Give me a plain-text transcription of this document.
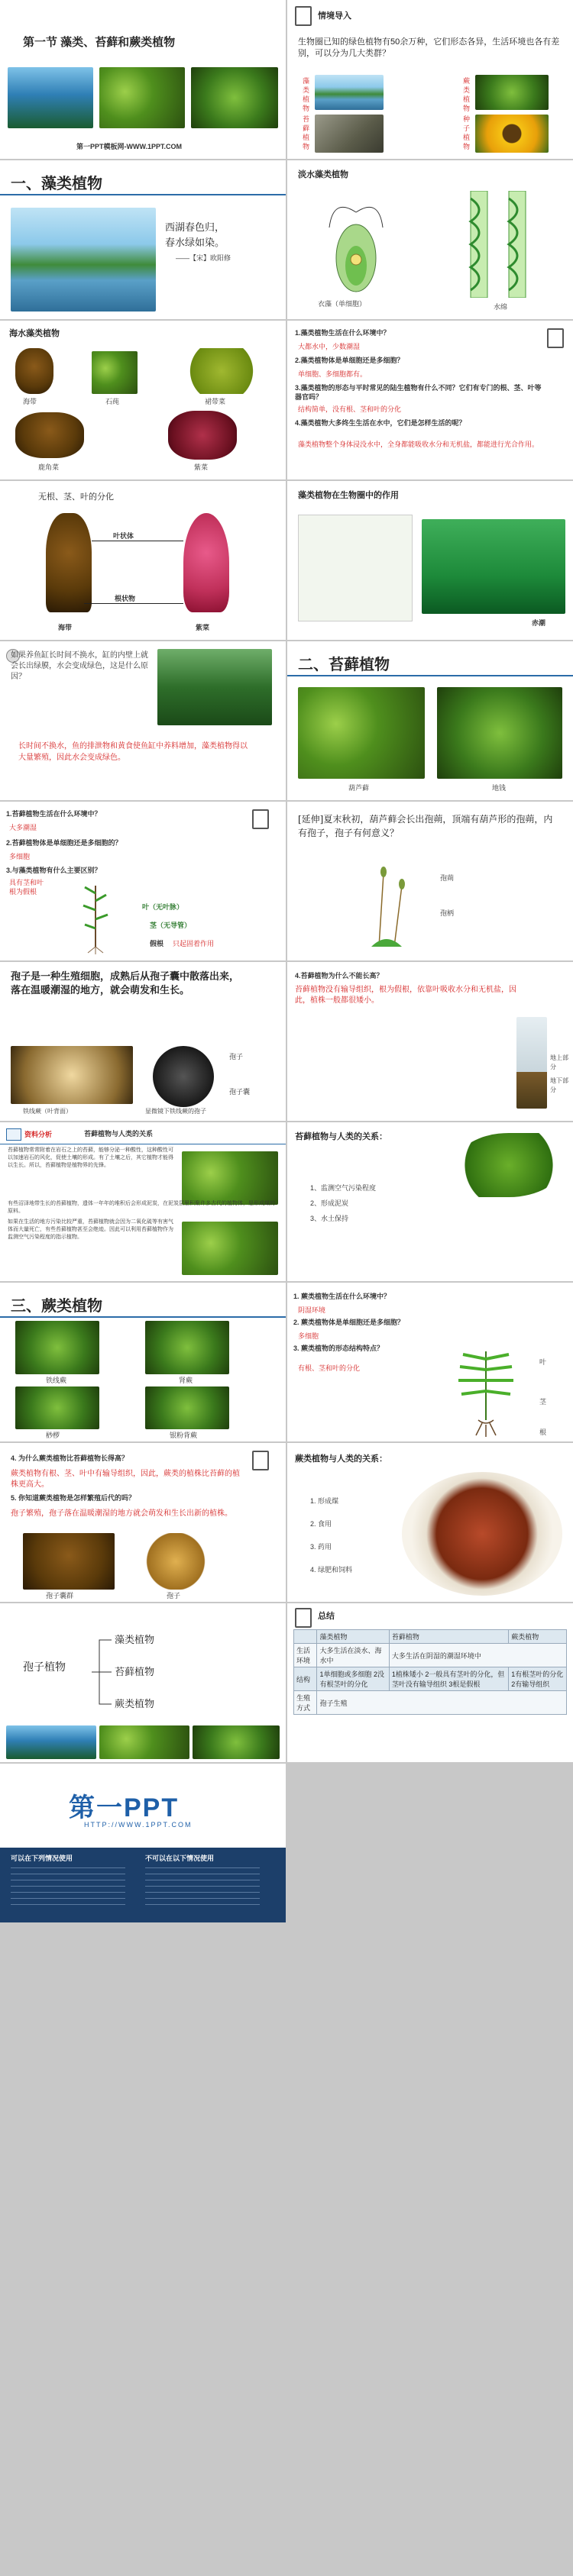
第一节 藻类、苔藓和蕨类植物
第一PPT模板网-WWW.1PPT.COM
情境导入
生物圈已知的绿色植物有50余万种，它们形态各异，生活环境也各有差别，可以分为几大类群？
藻类植物
苔藓植物
蕨类植物
种子植物
一、藻类植物
西湖春色归，
春水绿如染。
——【宋】欧阳修
淡水藻类植物
衣藻（单细胞）	水绵
海水藻类植物
海带	石莼	裙带菜
鹿角菜	紫菜
1.藻类植物生活在什么环境中？
大都水中，少数潮湿
2.藻类植物体是单细胞还是多细胞？
单细胞、多细胞都有。
3.藻类植物的形态与平时常见的陆生植物有什么不同？它们有专门的根、茎、叶等器官吗？
结构简单，没有根、茎和叶的分化
4.藻类植物大多终生生活在水中，它们是怎样生活的呢？
藻类植物整个身体浸没水中，全身都能吸收水分和无机盐，都能进行光合作用。
无根、茎、叶的分化
叶状体
根状物
海带	紫菜
藻类植物在生物圈中的作用
赤潮
如果养鱼缸长时间不换水，缸的内壁上就会长出绿膜，水会变成绿色，这是什么原因？
长时间不换水，鱼的排泄物和黄食使鱼缸中养料增加，藻类植物得以大量繁殖，因此水会变成绿色。
二、苔藓植物
葫芦藓	地钱
1.苔藓植物生活在什么环境中？
大多潮湿
2.苔藓植物体是单细胞还是多细胞的？
多细胞
3.与藻类植物有什么主要区别？
具有茎和叶
根为假根
叶（无叶脉）
茎（无导管）
假根 只起固着作用
[延伸]夏末秋初，葫芦藓会长出孢蒴，顶端有葫芦形的孢蒴，内有孢子，孢子有何意义？
孢蒴
孢柄
孢子是一种生殖细胞，成熟后从孢子囊中散落出来，落在温暖潮湿的地方，就会萌发和生长。
孢子
孢子囊
铁线蕨（叶背面）	显微镜下铁线蕨的孢子
4.苔藓植物为什么不能长高？
苔藓植物没有输导组织，根为假根，依靠叶吸收水分和无机盐，因此，植株一般都很矮小。
地上部分
地下部分
资料分析	苔藓植物与人类的关系
苔藓植物常常附着在岩石之上的苔藓，能够分泌一种酸性，这种酸性可以加速岩石的风化，促使土壤的形成。有了土壤之后，其它植物才能得以生长。所以，苔藓植物是植物界的先锋。
有些沼泽地带生长的苔藓植物，遗体一年年的堆积后会形成泥炭，在泥炭层里积聚许多古代的植物体，是形成煤的原料。
如果在生活的地方污染比较严重，苔藓植物就会因为二氧化硫等有害气体而大量死亡，有些苔藓植物甚至会绝迹。因此可以利用苔藓植物作为监测空气污染程度的指示植物。
苔藓植物与人类的关系：
1、监测空气污染程度
2、形成泥炭
3、水土保持
三、蕨类植物
铁线蕨	肾蕨
桫椤	银粉背蕨
1. 蕨类植物生活在什么环境中？
阴湿环境
2. 蕨类植物体是单细胞还是多细胞？
多细胞
3. 蕨类植物的形态结构特点？
有根、茎和叶的分化
叶
茎
根
4. 为什么蕨类植物比苔藓植物长得高？
蕨类植物有根、茎、叶中有输导组织，因此，蕨类的植株比苔藓的植株更高大。
5. 你知道蕨类植物是怎样繁殖后代的吗？
孢子繁殖，孢子落在温暖潮湿的地方就会萌发和生长出新的植株。
孢子囊群	孢子
蕨类植物与人类的关系：
1. 形成煤
2. 食用
3. 药用
4. 绿肥和饲料
孢子植物
藻类植物
苔藓植物
蕨类植物
总结
	藻类植物	苔藓植物	蕨类植物
生活环境	大多生活在淡水、海水中	大多生活在阴湿的潮湿环境中	
结构	1单细胞或多细胞 2没有根茎叶的分化	1植株矮小 2一般具有茎叶的分化，但茎叶没有输导组织 3根是假根	1有根茎叶的分化 2有输导组织
生殖方式	孢子生殖		
第一PPT
HTTP://WWW.1PPT.COM
可以在下列情况使用	不可以在以下情况使用
